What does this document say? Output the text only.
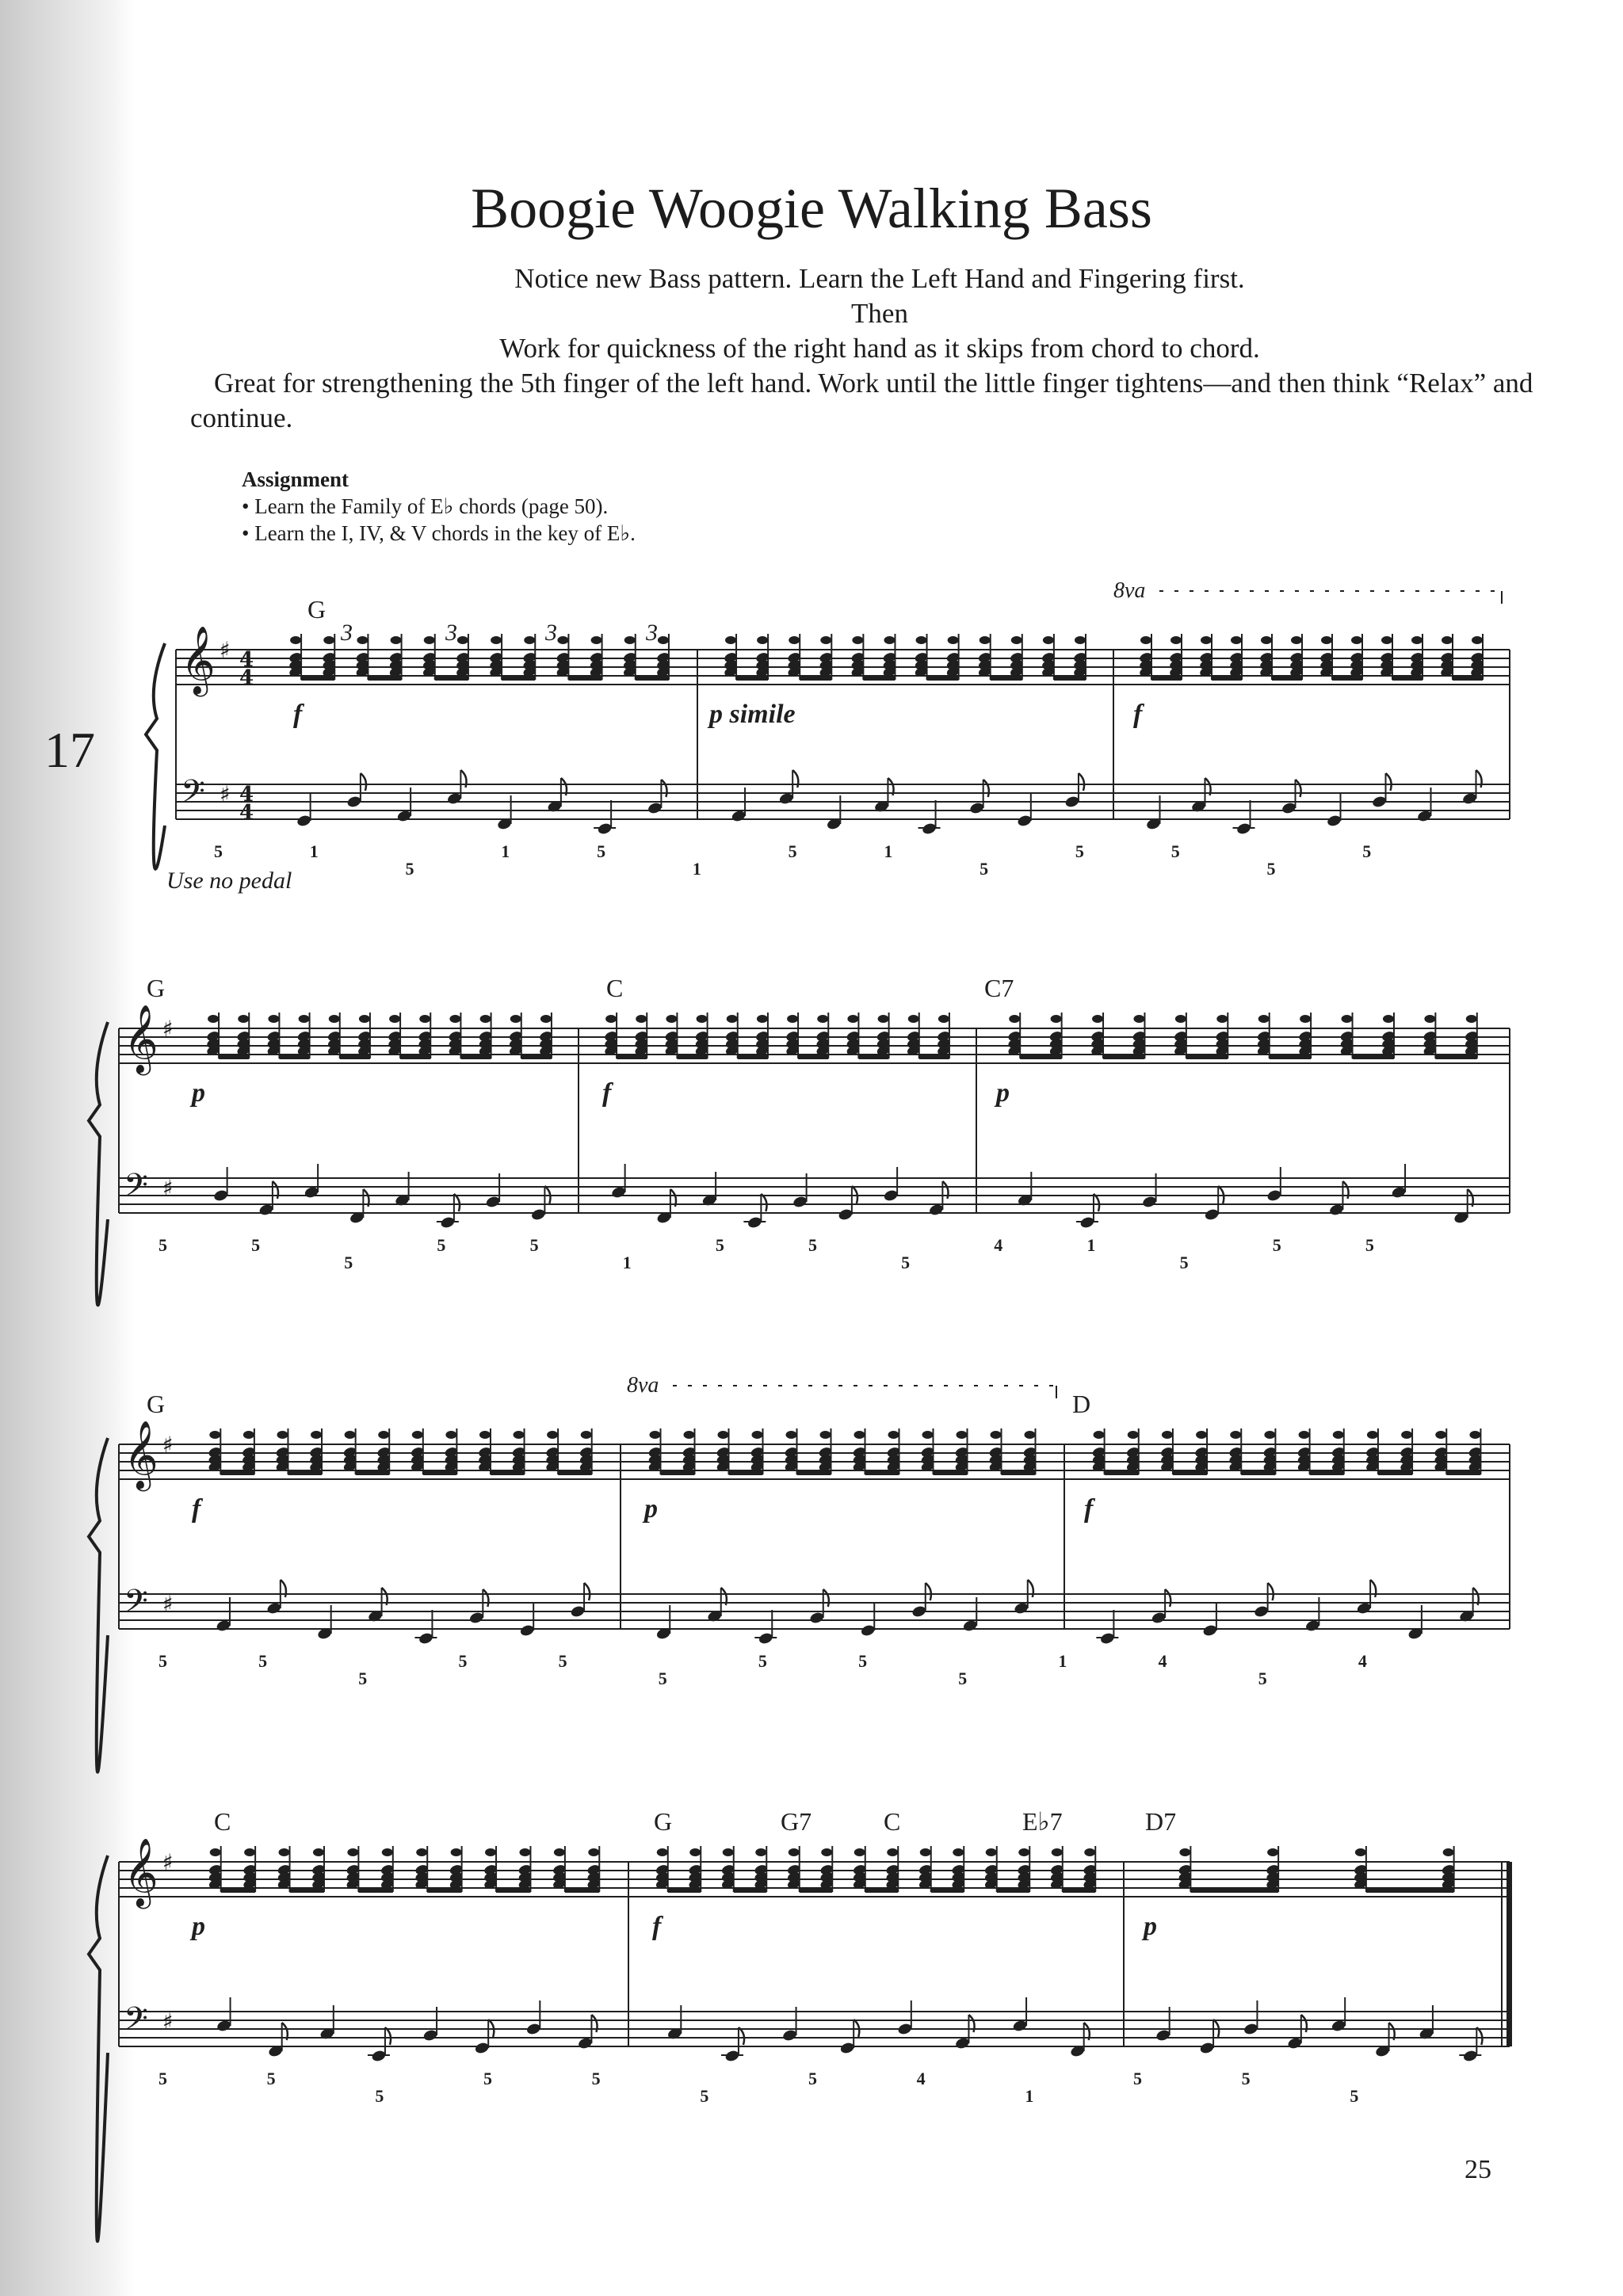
Boogie Woogie Walking Bass
Notice new Bass pattern. Learn the Left Hand and Fingering first.
Then
Work for quickness of the right hand as it skips from chord to chord.
Great for strengthening the 5th finger of the left hand. Work until the little finger tightens—and then think “Relax” and continue.
Assignment
• Learn the Family of E♭ chords (page 50).
• Learn the I, IV, & V chords in the key of E♭.
17
Use no pedal
25
𝄞 ♯
𝄢 ♯
4
4
4
4
G
f	p simile	f
8va
3	3	3	3
5	1
5
1	5
1
5	1
5
5	5
5
5
𝄞 ♯
𝄢 ♯
G	C	C7
p	f	p
5	5
5
5	5
1
5	5
5
4	1
5
5	5
𝄞 ♯
𝄢 ♯
G	D
f	p	f
8va
5	5
5
5	5
5
5	5
5
1	4
5
4
𝄞 ♯
𝄢 ♯
C	G	G7	C	E♭7	D7
p	f	p
5	5
5
5	5
5
5	4
1
5	5
5
